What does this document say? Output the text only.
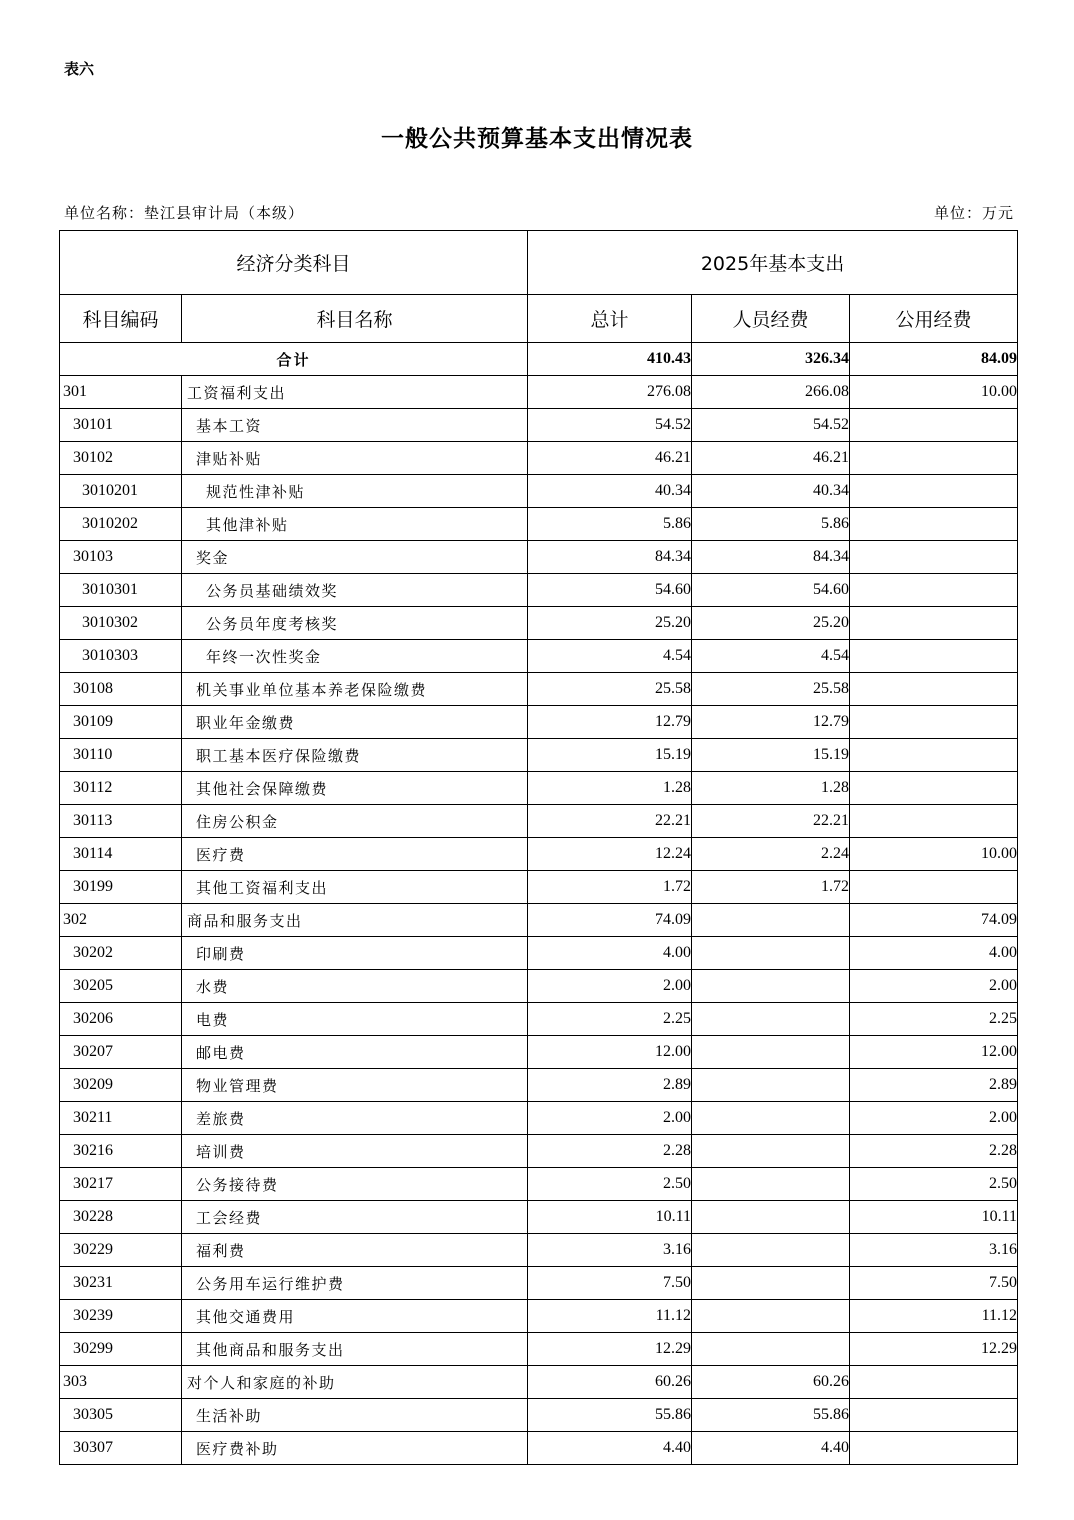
表六
一般公共预算基本支出情况表
单位名称：垫江县审计局（本级）	单位：万元
经济分类科目		2025年基本支出		
科目编码	科目名称	总计	人员经费	公用经费
合计		410.43	326.34	84.09
301	工资福利支出	276.08	266.08	10.00
30101	基本工资	54.52	54.52	
30102	津贴补贴	46.21	46.21	
3010201	规范性津补贴	40.34	40.34	
3010202	其他津补贴	5.86	5.86	
30103	奖金	84.34	84.34	
3010301	公务员基础绩效奖	54.60	54.60	
3010302	公务员年度考核奖	25.20	25.20	
3010303	年终一次性奖金	4.54	4.54	
30108	机关事业单位基本养老保险缴费	25.58	25.58	
30109	职业年金缴费	12.79	12.79	
30110	职工基本医疗保险缴费	15.19	15.19	
30112	其他社会保障缴费	1.28	1.28	
30113	住房公积金	22.21	22.21	
30114	医疗费	12.24	2.24	10.00
30199	其他工资福利支出	1.72	1.72	
302	商品和服务支出	74.09		74.09
30202	印刷费	4.00		4.00
30205	水费	2.00		2.00
30206	电费	2.25		2.25
30207	邮电费	12.00		12.00
30209	物业管理费	2.89		2.89
30211	差旅费	2.00		2.00
30216	培训费	2.28		2.28
30217	公务接待费	2.50		2.50
30228	工会经费	10.11		10.11
30229	福利费	3.16		3.16
30231	公务用车运行维护费	7.50		7.50
30239	其他交通费用	11.12		11.12
30299	其他商品和服务支出	12.29		12.29
303	对个人和家庭的补助	60.26	60.26	
30305	生活补助	55.86	55.86	
30307	医疗费补助	4.40	4.40	
